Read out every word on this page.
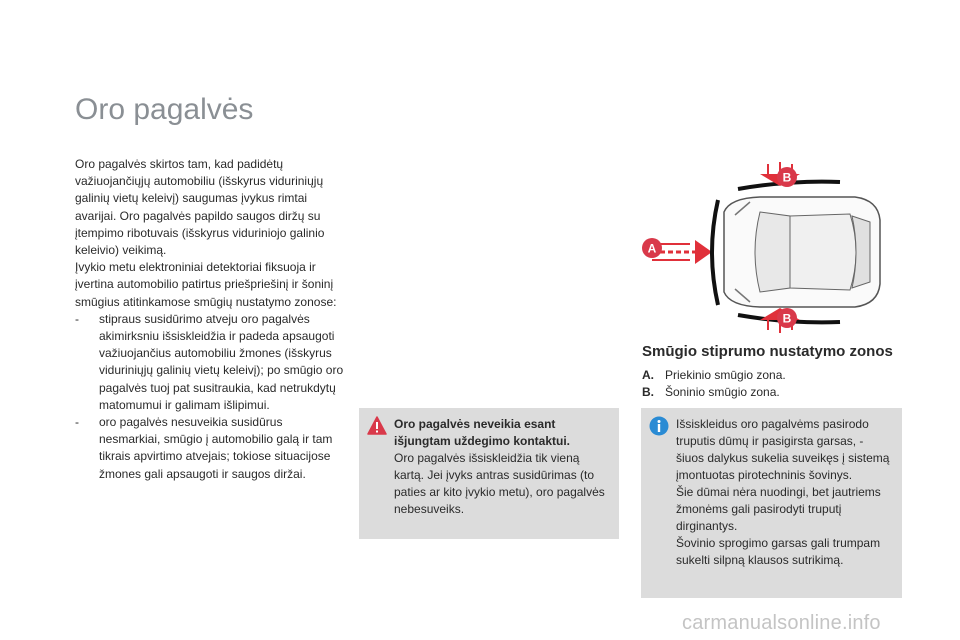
Oro pagalvės

Oro pagalvės skirtos tam, kad padidėtų važiuojančiųjų automobiliu (išskyrus viduriniųjų galinių vietų keleivį) saugumas įvykus rimtai avarijai. Oro pagalvės papildo saugos diržų su įtempimo ribotuvais (išskyrus viduriniojo galinio keleivio) veikimą.

Įvykio metu elektroniniai detektoriai fiksuoja ir įvertina automobilio patirtus priešpriešinį ir šoninį smūgius atitinkamose smūgių nustatymo zonose:

-	stipraus susidūrimo atveju oro pagalvės akimirksniu išsiskleidžia ir padeda apsaugoti važiuojančius automobiliu žmones (išskyrus viduriniųjų galinių vietų keleivį); po smūgio oro pagalvės tuoj pat susitraukia, kad netrukdytų matomumui ir galimam išlipimui.
-	oro pagalvės nesuveikia susidūrus nesmarkiai, smūgio į automobilio galą ir tam tikrais apvirtimo atvejais; tokiose situacijose žmones gali apsaugoti ir saugos diržai.
A
B
B
Smūgio stiprumo nustatymo zonos
A. Priekinio smūgio zona.
B. Šoninio smūgio zona.

Oro pagalvės neveikia esant išjungtam uždegimo kontaktui.

Oro pagalvės išsiskleidžia tik vieną kartą. Jei įvyks antras susidūrimas (to paties ar kito įvykio metu), oro pagalvės nebesuveiks.

Išsiskleidus oro pagalvėms pasirodo truputis dūmų ir pasigirsta garsas, - šiuos dalykus sukelia suveikęs į sistemą įmontuotas pirotechninis šovinys.

Šie dūmai nėra nuodingi, bet jautriems žmonėms gali pasirodyti truputį dirginantys.

Šovinio sprogimo garsas gali trumpam sukelti silpną klausos sutrikimą.

carmanualsonline.info
